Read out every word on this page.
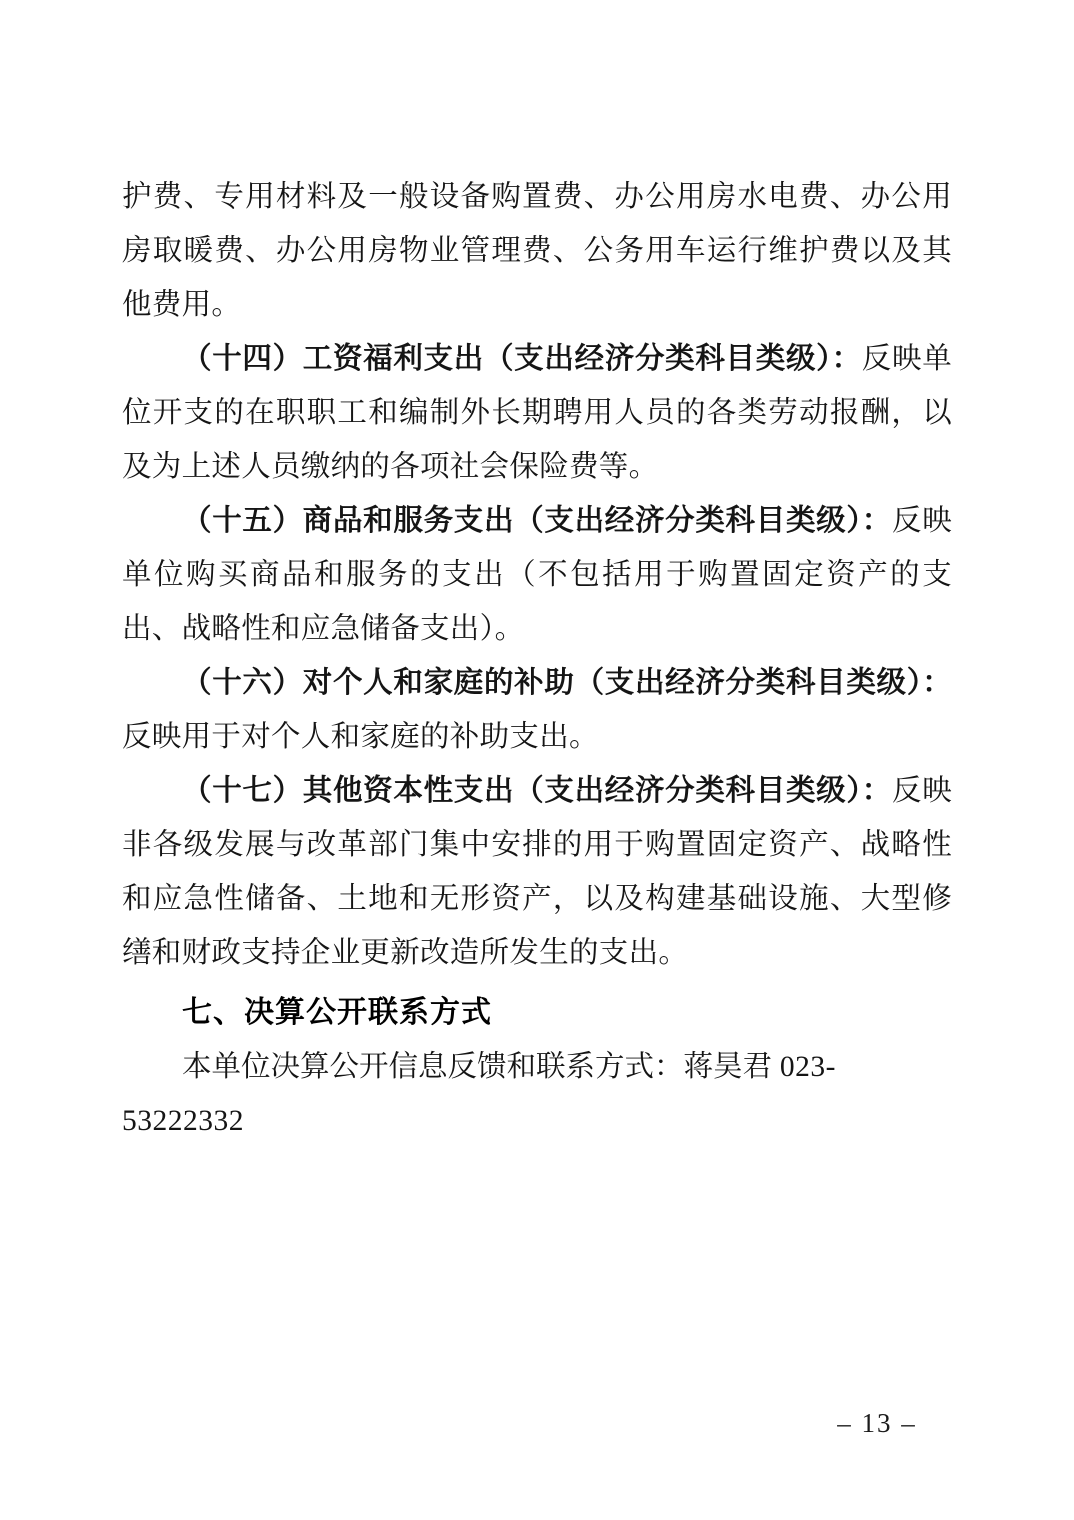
护费、专用材料及一般设备购置费、办公用房水电费、办公用房取暖费、办公用房物业管理费、公务用车运行维护费以及其他费用。

（十四）工资福利支出（支出经济分类科目类级）：反映单位开支的在职职工和编制外长期聘用人员的各类劳动报酬，以及为上述人员缴纳的各项社会保险费等。

（十五）商品和服务支出（支出经济分类科目类级）：反映单位购买商品和服务的支出（不包括用于购置固定资产的支出、战略性和应急储备支出）。

（十六）对个人和家庭的补助（支出经济分类科目类级）：反映用于对个人和家庭的补助支出。

（十七）其他资本性支出（支出经济分类科目类级）：反映非各级发展与改革部门集中安排的用于购置固定资产、战略性和应急性储备、土地和无形资产，以及构建基础设施、大型修缮和财政支持企业更新改造所发生的支出。

七、决算公开联系方式

本单位决算公开信息反馈和联系方式：蒋昊君 023-53222332

– 13 –
